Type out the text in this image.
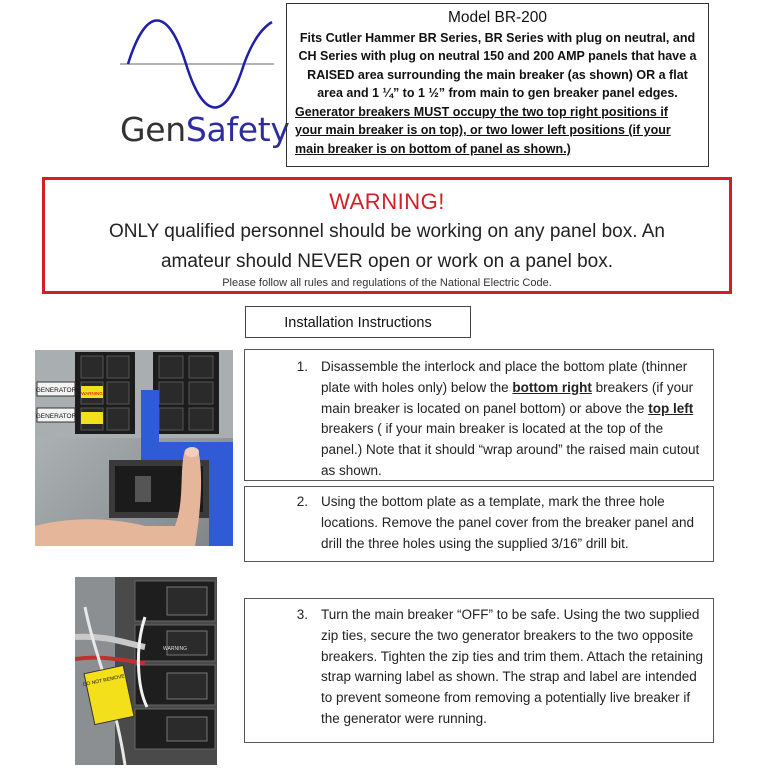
GenSafety
Model BR-200
Fits Cutler Hammer BR Series, BR Series with plug on neutral, and CH Series with plug on neutral 150 and 200 AMP panels that have a RAISED area surrounding the main breaker (as shown) OR a flat area and 1 ¼” to 1 ½” from main to gen breaker panel edges.
Generator breakers MUST occupy the two top right positions if your main breaker is on top), or two lower left positions (if your main breaker is on bottom of panel as shown.)
WARNING!
ONLY qualified personnel should be working on any panel box. An
amateur should NEVER open or work on a panel box.
Please follow all rules and regulations of the National Electric Code.
Installation Instructions
GENERATOR
GENERATOR
WARNING
1. Disassemble the interlock and place the bottom plate (thinner plate with holes only) below the bottom right breakers (if your main breaker is located on panel bottom) or above the top left breakers ( if your main breaker is located at the top of the panel.) Note that it should “wrap around” the raised main cutout as shown.
2. Using the bottom plate as a template, mark the three hole locations. Remove the panel cover from the breaker panel and drill the three holes using the supplied 3/16” drill bit.
DO NOT REMOVE
WARNING
3. Turn the main breaker “OFF” to be safe. Using the two supplied zip ties, secure the two generator breakers to the two opposite breakers. Tighten the zip ties and trim them. Attach the retaining strap warning label as shown. The strap and label are intended to prevent someone from removing a potentially live breaker if the generator were running.
